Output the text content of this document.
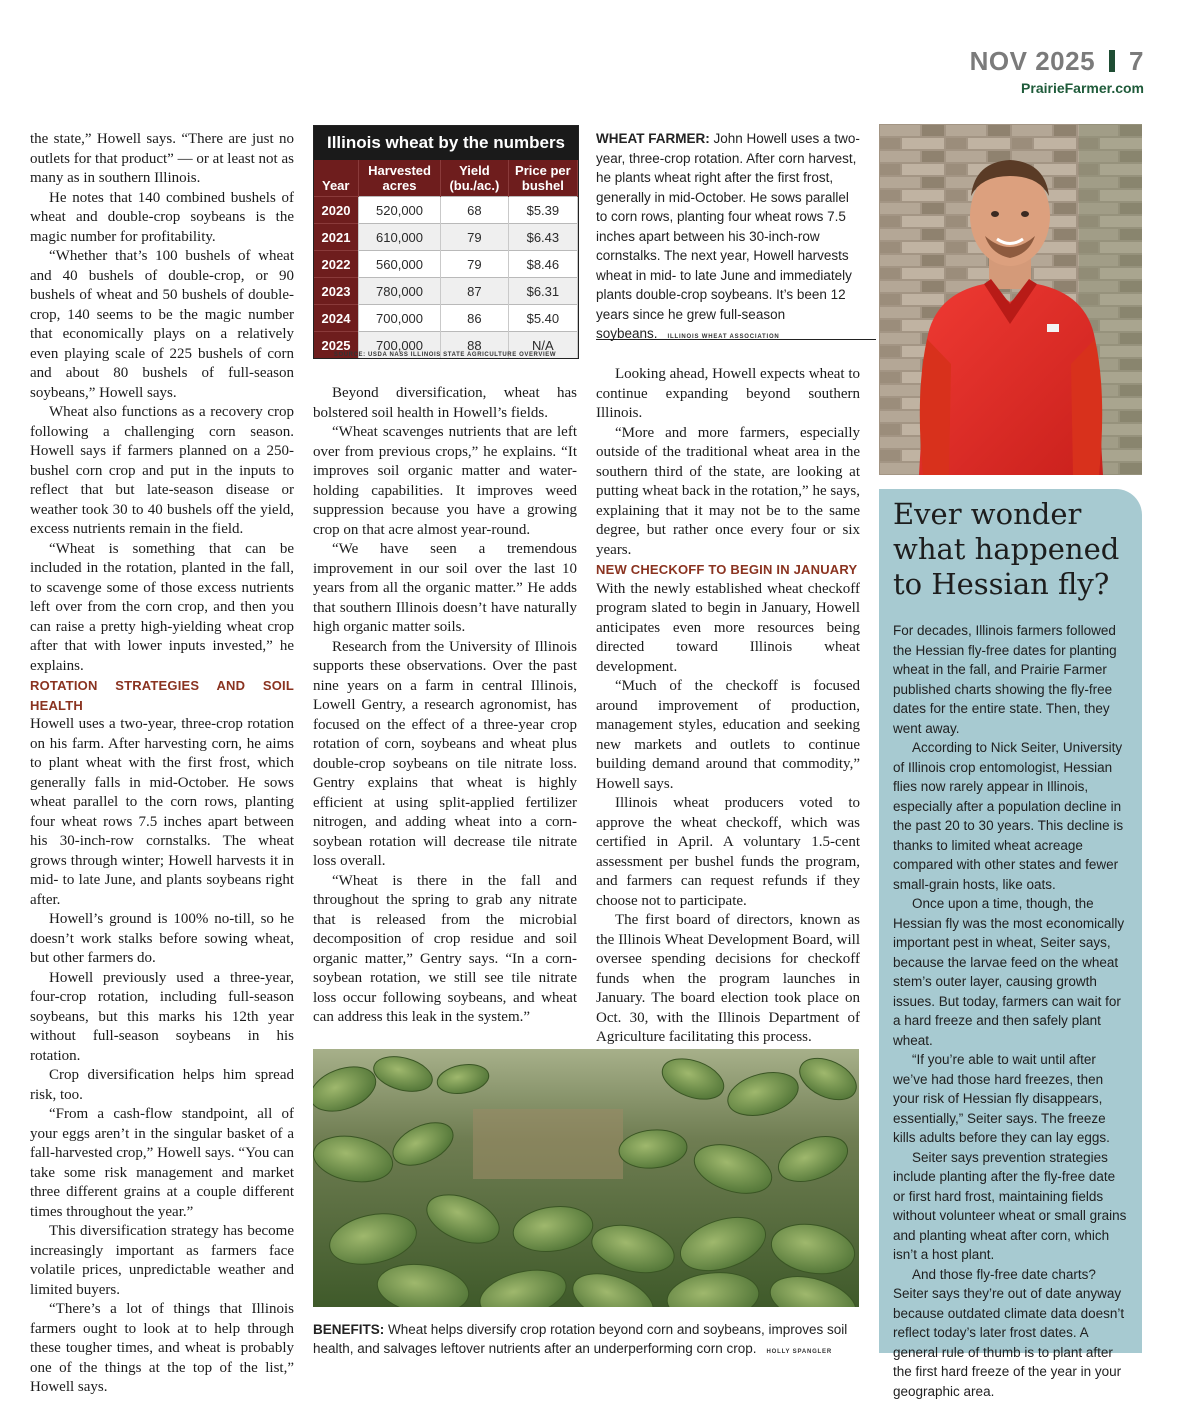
NOV 2025 7
PrairieFarmer.com

the state,” Howell says. “There are just no outlets for that product” — or at least not as many as in southern Illinois.

He notes that 140 combined bushels of wheat and double-crop soybeans is the magic number for profitability.

“Whether that’s 100 bushels of wheat and 40 bushels of double-crop, or 90 bushels of wheat and 50 bushels of double-crop, 140 seems to be the magic number that economically plays on a relatively even playing scale of 225 bushels of corn and about 80 bushels of full-season soybeans,” Howell says.

Wheat also functions as a recovery crop following a challenging corn season. Howell says if farmers planned on a 250-bushel corn crop and put in the inputs to reflect that but late-season disease or weather took 30 to 40 bushels off the yield, excess nutrients remain in the field.

“Wheat is something that can be included in the rotation, planted in the fall, to scavenge some of those excess nutrients left over from the corn crop, and then you can raise a pretty high-yielding wheat crop after that with lower inputs invested,” he explains.

ROTATION STRATEGIES AND SOIL HEALTH

Howell uses a two-year, three-crop rotation on his farm. After harvesting corn, he aims to plant wheat with the first frost, which generally falls in mid-October. He sows wheat parallel to the corn rows, planting four wheat rows 7.5 inches apart between his 30-inch-row cornstalks. The wheat grows through winter; Howell harvests it in mid- to late June, and plants soybeans right after.

Howell’s ground is 100% no-till, so he doesn’t work stalks before sowing wheat, but other farmers do.

Howell previously used a three-year, four-crop rotation, including full-season soybeans, but this marks his 12th year without full-season soybeans in his rotation.

Crop diversification helps him spread risk, too.

“From a cash-flow standpoint, all of your eggs aren’t in the singular basket of a fall-harvested crop,” Howell says. “You can take some risk management and market three different grains at a couple different times throughout the year.”

This diversification strategy has become increasingly important as farmers face volatile prices, unpredictable weather and limited buyers.

“There’s a lot of things that Illinois farmers ought to look at to help through these tougher times, and wheat is probably one of the things at the top of the list,” Howell says.

Illinois wheat by the numbers
Year	Harvested acres	Yield (bu./ac.)	Price per bushel
2020	520,000	68	$5.39
2021	610,000	79	$6.43
2022	560,000	79	$8.46
2023	780,000	87	$6.31
2024	700,000	86	$5.40
2025	700,000	88	N/A
SOURCE: USDA NASS ILLINOIS STATE AGRICULTURE OVERVIEW

Beyond diversification, wheat has bolstered soil health in Howell’s fields.

“Wheat scavenges nutrients that are left over from previous crops,” he explains. “It improves soil organic matter and water-holding capabilities. It improves weed suppression because you have a growing crop on that acre almost year-round.

“We have seen a tremendous improvement in our soil over the last 10 years from all the organic matter.” He adds that southern Illinois doesn’t have naturally high organic matter soils.

Research from the University of Illinois supports these observations. Over the past nine years on a farm in central Illinois, Lowell Gentry, a research agronomist, has focused on the effect of a three-year crop rotation of corn, soybeans and wheat plus double-crop soybeans on tile nitrate loss. Gentry explains that wheat is highly efficient at using split-applied fertilizer nitrogen, and adding wheat into a corn-soybean rotation will decrease tile nitrate loss overall.

“Wheat is there in the fall and throughout the spring to grab any nitrate that is released from the microbial decomposition of crop residue and soil organic matter,” Gentry says. “In a corn-soybean rotation, we still see tile nitrate loss occur following soybeans, and wheat can address this leak in the system.”

WHEAT FARMER: John Howell uses a two-year, three-crop rotation. After corn harvest, he plants wheat right after the first frost, generally in mid-October. He sows parallel to corn rows, planting four wheat rows 7.5 inches apart between his 30-inch-row cornstalks. The next year, Howell harvests wheat in mid- to late June and immediately plants double-crop soybeans. It’s been 12 years since he grew full-season soybeans. ILLINOIS WHEAT ASSOCIATION

Looking ahead, Howell expects wheat to continue expanding beyond southern Illinois.

“More and more farmers, especially outside of the traditional wheat area in the southern third of the state, are looking at putting wheat back in the rotation,” he says, explaining that it may not be to the same degree, but rather once every four or six years.

NEW CHECKOFF TO BEGIN IN JANUARY

With the newly established wheat checkoff program slated to begin in January, Howell anticipates even more resources being directed toward Illinois wheat development.

“Much of the checkoff is focused around improvement of production, management styles, education and seeking new markets and outlets to continue building demand around that commodity,” Howell says.

Illinois wheat producers voted to approve the wheat checkoff, which was certified in April. A voluntary 1.5-cent assessment per bushel funds the program, and farmers can request refunds if they choose not to participate.

The first board of directors, known as the Illinois Wheat Development Board, will oversee spending decisions for checkoff funds when the program launches in January. The board election took place on Oct. 30, with the Illinois Department of Agriculture facilitating this process.

BENEFITS: Wheat helps diversify crop rotation beyond corn and soybeans, improves soil health, and salvages leftover nutrients after an underperforming corn crop. HOLLY SPANGLER
Ever wonder what happened to Hessian fly?

For decades, Illinois farmers followed the Hessian fly-free dates for planting wheat in the fall, and Prairie Farmer published charts showing the fly-free dates for the entire state. Then, they went away.

According to Nick Seiter, University of Illinois crop entomologist, Hessian flies now rarely appear in Illinois, especially after a population decline in the past 20 to 30 years. This decline is thanks to limited wheat acreage compared with other states and fewer small-grain hosts, like oats.

Once upon a time, though, the Hessian fly was the most economically important pest in wheat, Seiter says, because the larvae feed on the wheat stem’s outer layer, causing growth issues. But today, farmers can wait for a hard freeze and then safely plant wheat.

“If you’re able to wait until after we’ve had those hard freezes, then your risk of Hessian fly disappears, essentially,” Seiter says. The freeze kills adults before they can lay eggs.

Seiter says prevention strategies include planting after the fly-free date or first hard frost, maintaining fields without volunteer wheat or small grains and planting wheat after corn, which isn’t a host plant.

And those fly-free date charts? Seiter says they’re out of date anyway because outdated climate data doesn’t reflect today’s later frost dates. A general rule of thumb is to plant after the first hard freeze of the year in your geographic area.
